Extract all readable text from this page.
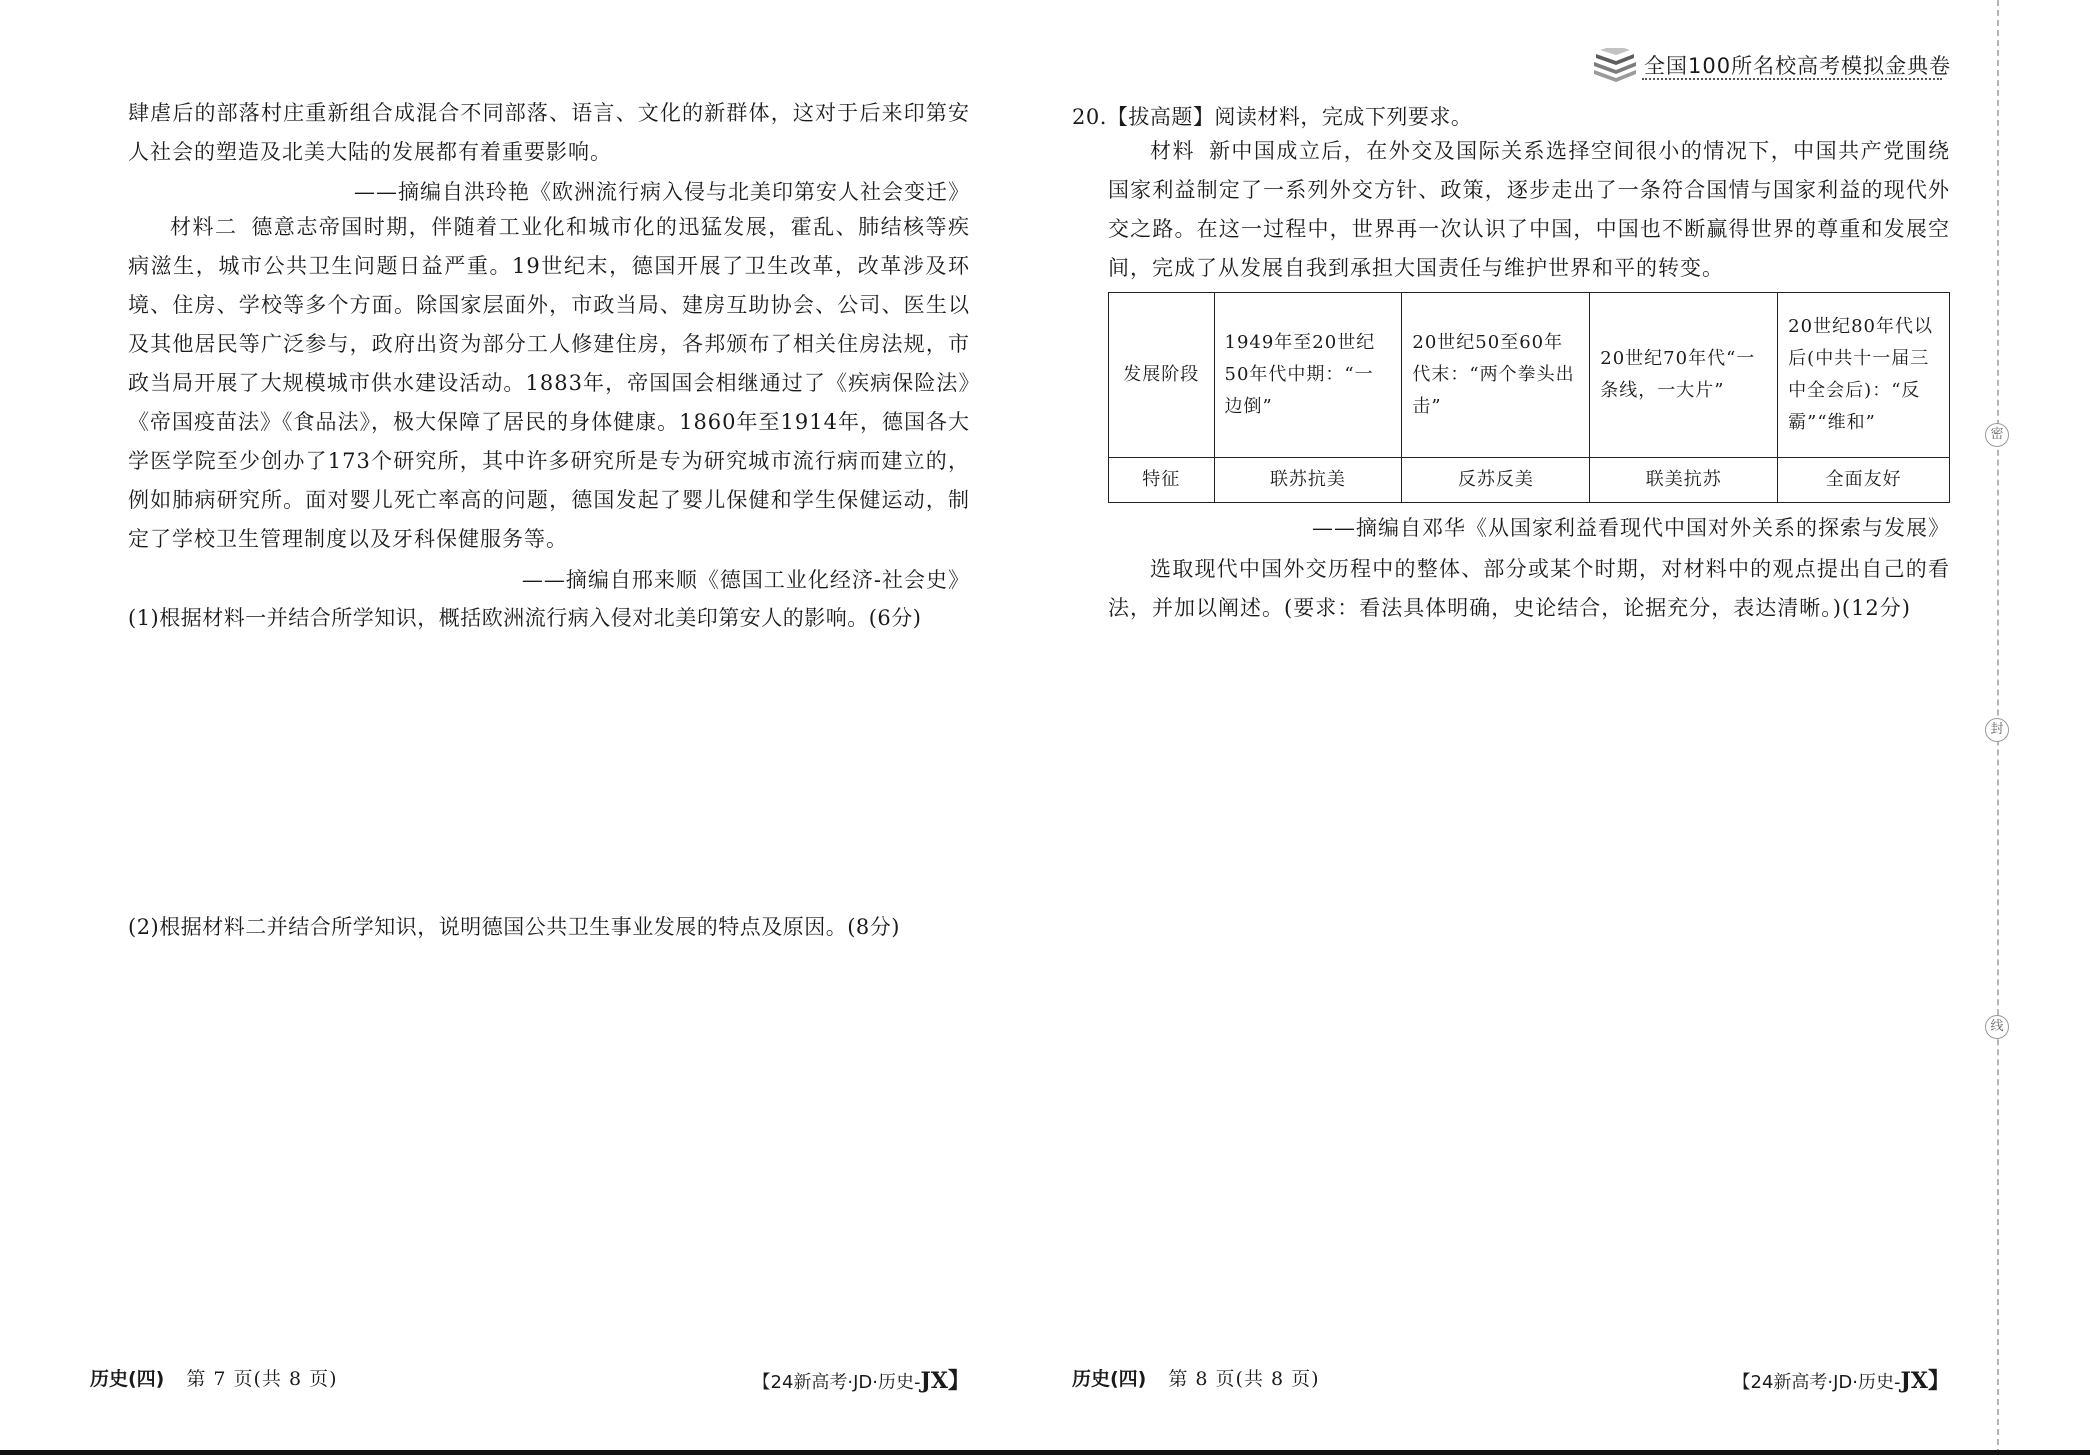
全国100所名校高考模拟金典卷
肆虐后的部落村庄重新组合成混合不同部落、语言、文化的新群体，这对于后来印第安人社会的塑造及北美大陆的发展都有着重要影响。
——摘编自洪玲艳《欧洲流行病入侵与北美印第安人社会变迁》
材料二 德意志帝国时期，伴随着工业化和城市化的迅猛发展，霍乱、肺结核等疾病滋生，城市公共卫生问题日益严重。19世纪末，德国开展了卫生改革，改革涉及环境、住房、学校等多个方面。除国家层面外，市政当局、建房互助协会、公司、医生以及其他居民等广泛参与，政府出资为部分工人修建住房，各邦颁布了相关住房法规，市政当局开展了大规模城市供水建设活动。1883年，帝国国会相继通过了《疾病保险法》《帝国疫苗法》《食品法》，极大保障了居民的身体健康。1860年至1914年，德国各大学医学院至少创办了173个研究所，其中许多研究所是专为研究城市流行病而建立的，例如肺病研究所。面对婴儿死亡率高的问题，德国发起了婴儿保健和学生保健运动，制定了学校卫生管理制度以及牙科保健服务等。
——摘编自邢来顺《德国工业化经济-社会史》
(1)根据材料一并结合所学知识，概括欧洲流行病入侵对北美印第安人的影响。(6分)
(2)根据材料二并结合所学知识，说明德国公共卫生事业发展的特点及原因。(8分)
历史(四) 第 7 页(共 8 页)	【24新高考·JD·历史-JX】
20.【拔高题】阅读材料，完成下列要求。
材料 新中国成立后，在外交及国际关系选择空间很小的情况下，中国共产党围绕国家利益制定了一系列外交方针、政策，逐步走出了一条符合国情与国家利益的现代外交之路。在这一过程中，世界再一次认识了中国，中国也不断赢得世界的尊重和发展空间，完成了从发展自我到承担大国责任与维护世界和平的转变。
发展阶段	1949年至20世纪50年代中期：“一边倒”	20世纪50至60年代末：“两个拳头出击”	20世纪70年代“一条线，一大片”	20世纪80年代以后(中共十一届三中全会后)：“反霸”“维和”
特征	联苏抗美	反苏反美	联美抗苏	全面友好
——摘编自邓华《从国家利益看现代中国对外关系的探索与发展》
选取现代中国外交历程中的整体、部分或某个时期，对材料中的观点提出自己的看法，并加以阐述。(要求：看法具体明确，史论结合，论据充分，表达清晰。)(12分)
历史(四) 第 8 页(共 8 页)	【24新高考·JD·历史-JX】
密
封
线
